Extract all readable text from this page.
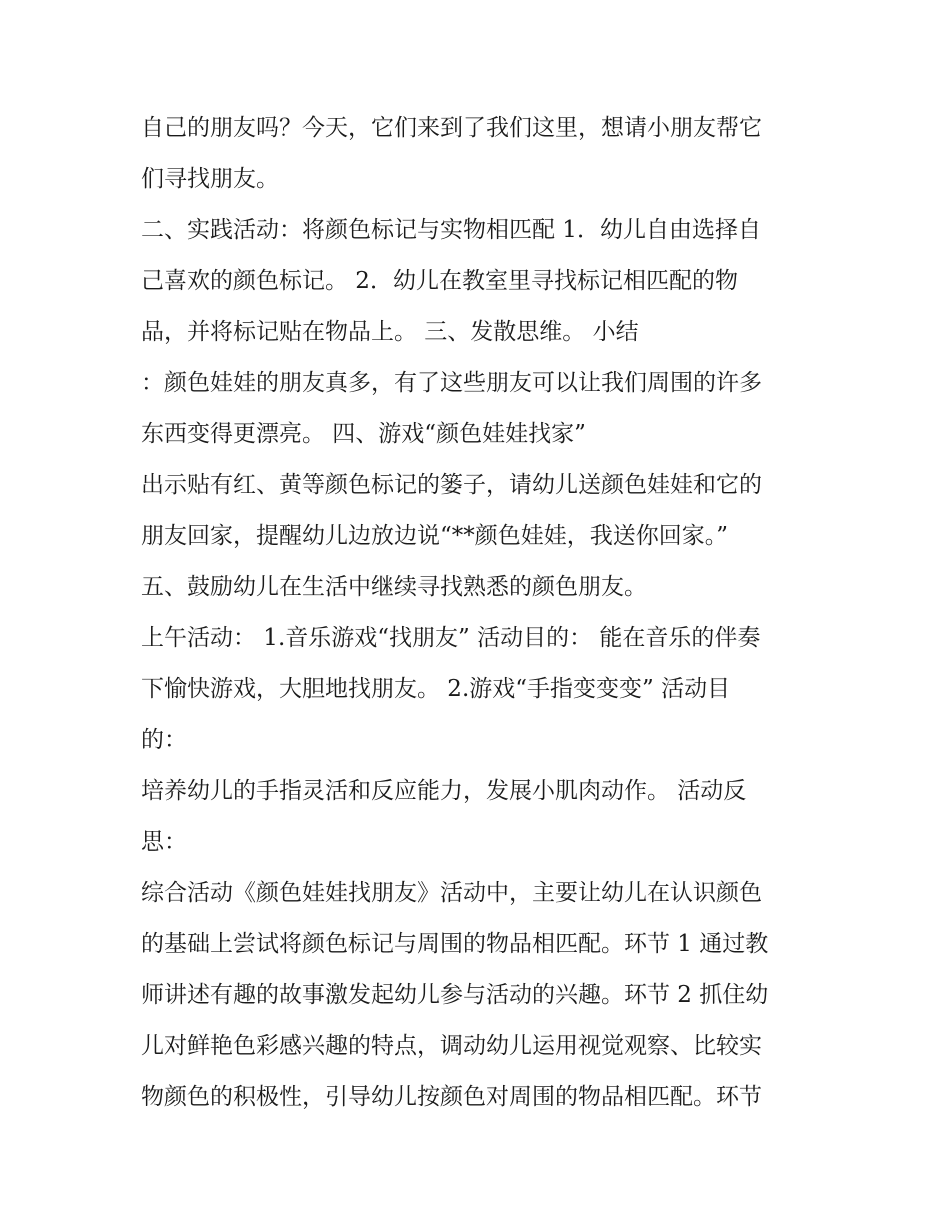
自己的朋友吗？今天，它们来到了我们这里，想请小朋友帮它
们寻找朋友。
二、实践活动：将颜色标记与实物相匹配 1．幼儿自由选择自
己喜欢的颜色标记。 2．幼儿在教室里寻找标记相匹配的物
品，并将标记贴在物品上。 三、发散思维。 小结
：颜色娃娃的朋友真多，有了这些朋友可以让我们周围的许多
东西变得更漂亮。 四、游戏“颜色娃娃找家”
出示贴有红、黄等颜色标记的篓子，请幼儿送颜色娃娃和它的
朋友回家，提醒幼儿边放边说“**颜色娃娃，我送你回家。”
五、鼓励幼儿在生活中继续寻找熟悉的颜色朋友。
上午活动： 1.音乐游戏“找朋友” 活动目的： 能在音乐的伴奏
下愉快游戏，大胆地找朋友。 2.游戏“手指变变变” 活动目
的：
培养幼儿的手指灵活和反应能力，发展小肌肉动作。 活动反
思：
综合活动《颜色娃娃找朋友》活动中，主要让幼儿在认识颜色
的基础上尝试将颜色标记与周围的物品相匹配。环节 1 通过教
师讲述有趣的故事激发起幼儿参与活动的兴趣。环节 2 抓住幼
儿对鲜艳色彩感兴趣的特点，调动幼儿运用视觉观察、比较实
物颜色的积极性，引导幼儿按颜色对周围的物品相匹配。环节
